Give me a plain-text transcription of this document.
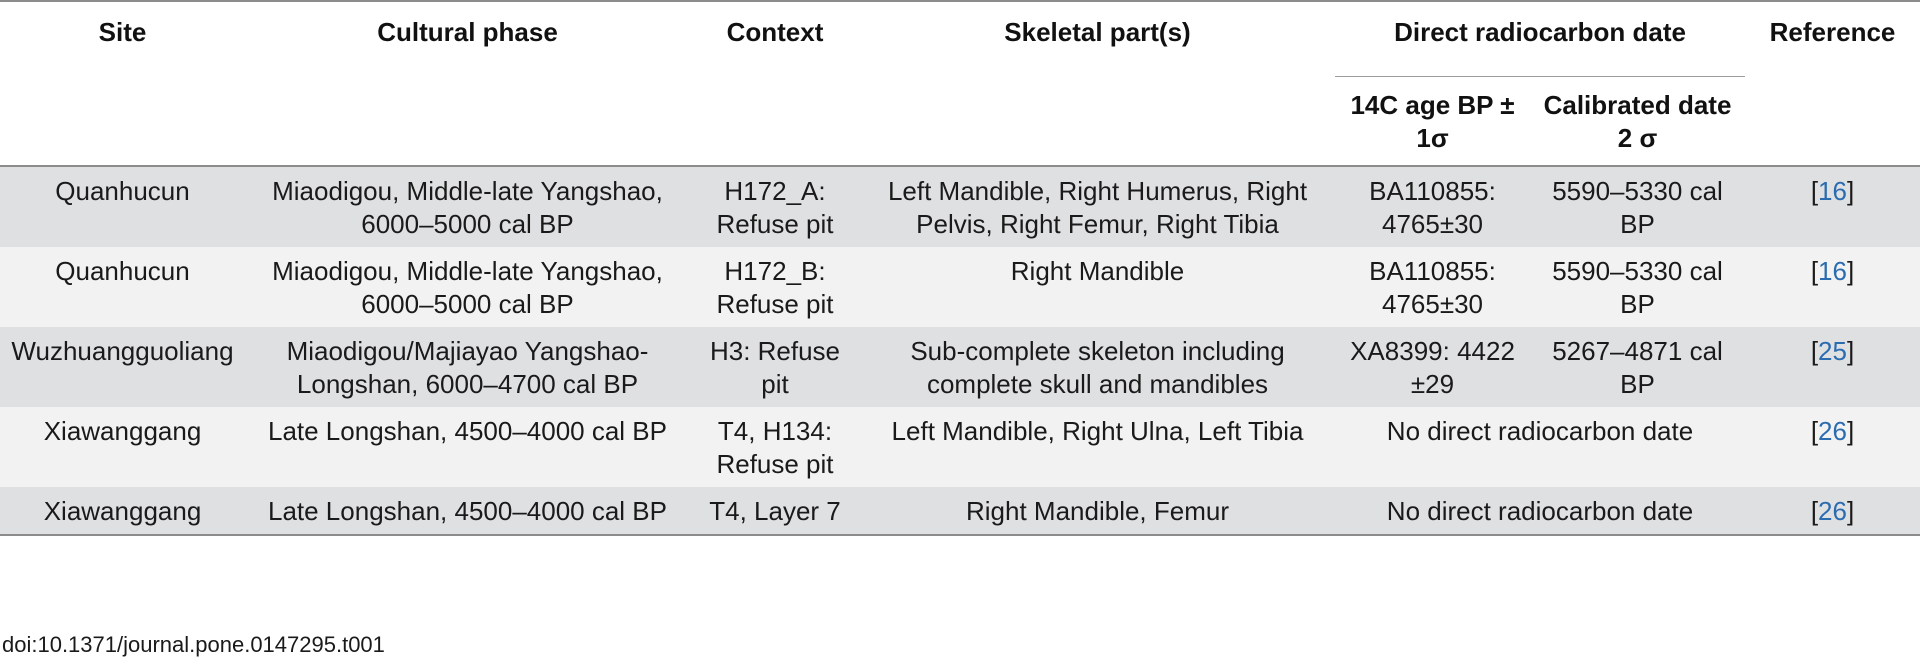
Site	Cultural phase	Context	Skeletal part(s)	Direct radiocarbon date		Reference
				14C age BP ± 1σ	Calibrated date 2 σ	
Quanhucun	Miaodigou, Middle-late Yangshao, 6000–5000 cal BP	H172_A: Refuse pit	Left Mandible, Right Humerus, Right Pelvis, Right Femur, Right Tibia	BA110855: 4765±30	5590–5330 cal BP	[16]
Quanhucun	Miaodigou, Middle-late Yangshao, 6000–5000 cal BP	H172_B: Refuse pit	Right Mandible	BA110855: 4765±30	5590–5330 cal BP	[16]
Wuzhuangguoliang	Miaodigou/Majiayao Yangshao-Longshan, 6000–4700 cal BP	H3: Refuse pit	Sub-complete skeleton including complete skull and mandibles	XA8399: 4422 ±29	5267–4871 cal BP	[25]
Xiawanggang	Late Longshan, 4500–4000 cal BP	T4, H134: Refuse pit	Left Mandible, Right Ulna, Left Tibia	No direct radiocarbon date		[26]
Xiawanggang	Late Longshan, 4500–4000 cal BP	T4, Layer 7	Right Mandible, Femur	No direct radiocarbon date		[26]
doi:10.1371/journal.pone.0147295.t001
